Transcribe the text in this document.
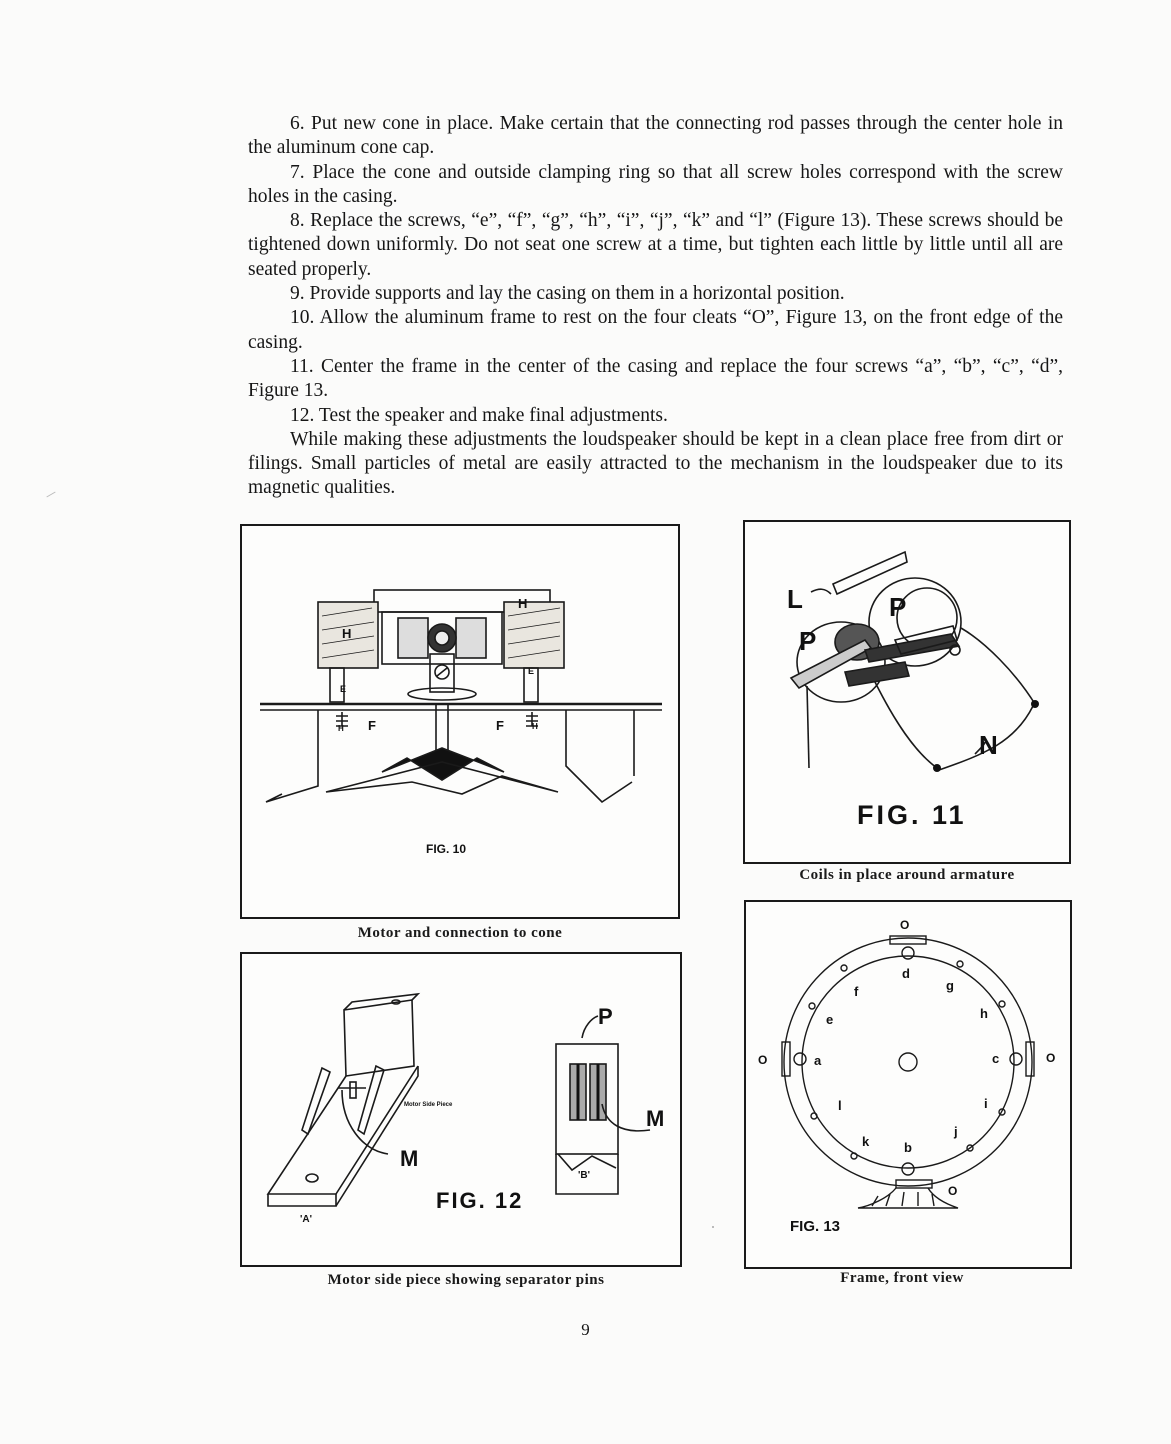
6. Put new cone in place. Make certain that the connecting rod passes through the center hole in the aluminum cone cap.

7. Place the cone and outside clamping ring so that all screw holes correspond with the screw holes in the casing.

8. Replace the screws, “e”, “f”, “g”, “h”, “i”, “j”, “k” and “l” (Figure 13). These screws should be tightened down uniformly. Do not seat one screw at a time, but tighten each little by little until all are seated properly.

9. Provide supports and lay the casing on them in a horizontal position.

10. Allow the aluminum frame to rest on the four cleats “O”, Figure 13, on the front edge of the casing.

11. Center the frame in the center of the casing and replace the four screws “a”, “b”, “c”, “d”, Figure 13.

12. Test the speaker and make final adjustments.

While making these adjustments the loudspeaker should be kept in a clean place free from dirt or filings. Small particles of metal are easily attracted to the mechanism in the loudspeaker due to its magnetic qualities.

H
H
E
E
F	F
H	H
FIG. 10
Motor and connection to cone
L	P
P
N
FIG. 11
Coils in place around armature
P
M
M
'A'
'B'
Motor Side Piece
FIG. 12
Motor side piece showing separator pins
O
O
O
O
a
b
c
d
e
f	g
h
i
j
k
l
FIG. 13
Frame, front view
9
